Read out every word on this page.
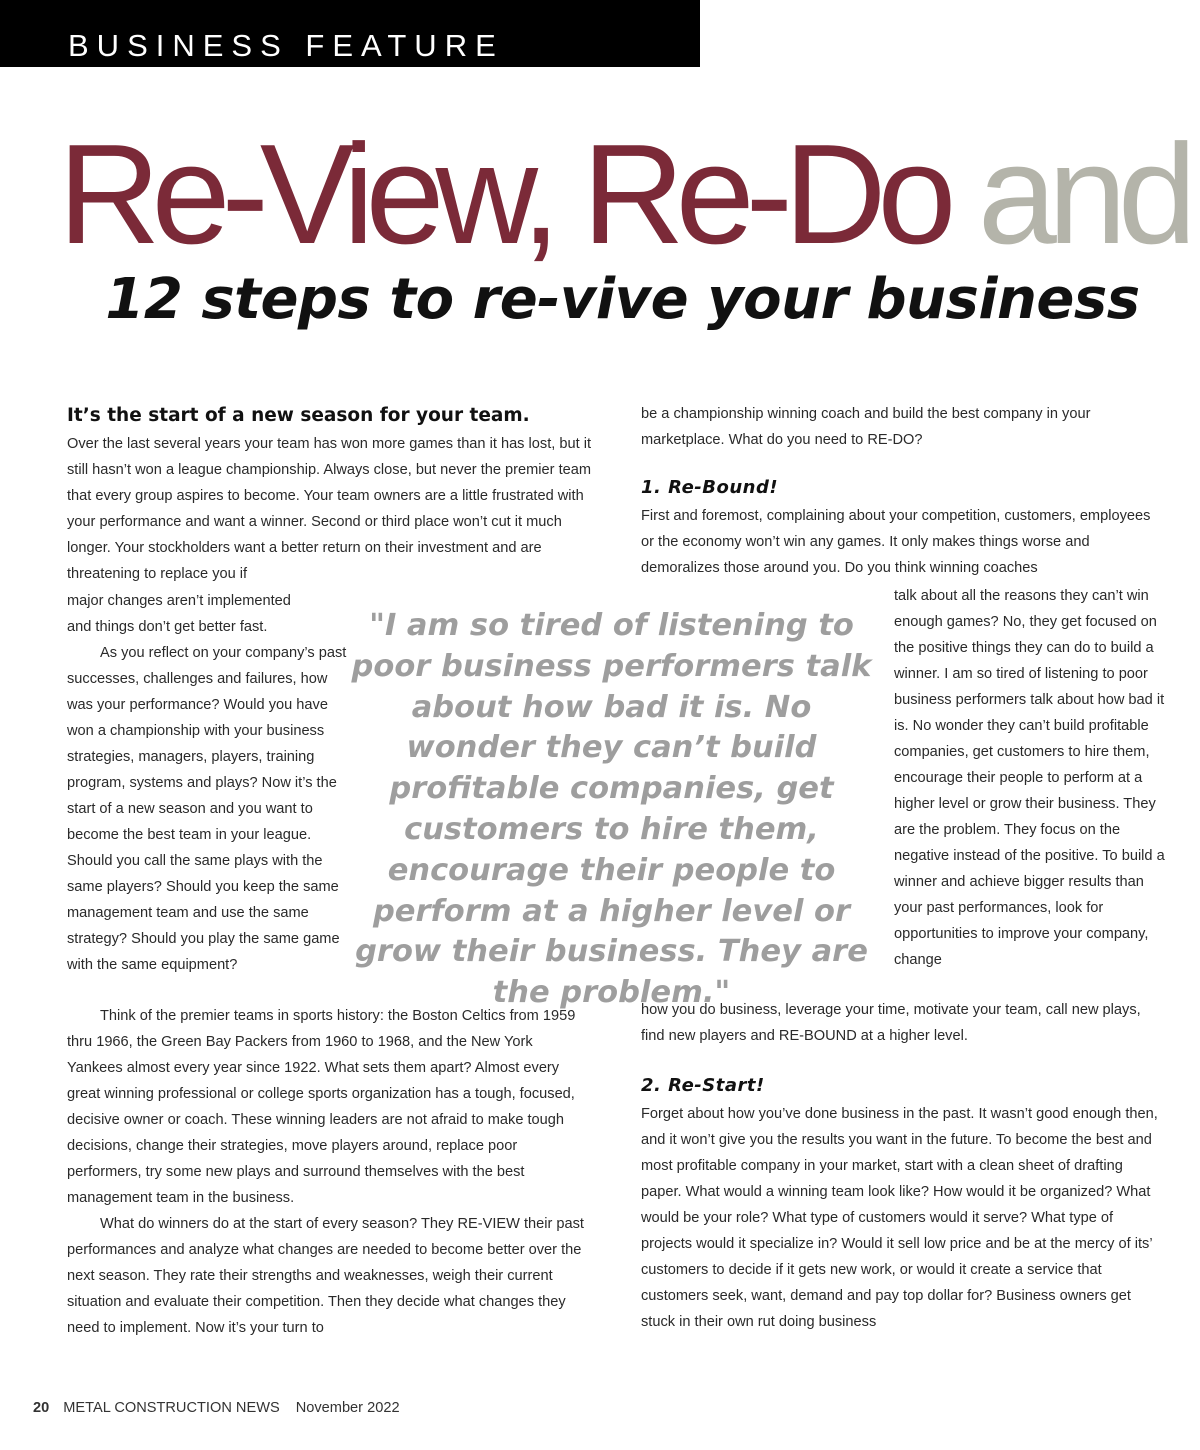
BUSINESS FEATURE
Re-View, Re-Do and
12 steps to re-vive your business

It’s the start of a new season for your team.

Over the last several years your team has won more games than it has lost, but it still hasn’t won a league championship. Always close, but never the premier team that every group aspires to become. Your team owners are a little frustrated with your performance and want a winner. Second or third place won’t cut it much longer. Your stockholders want a better return on their investment and are threatening to replace you if

major changes aren’t implemented and things don’t get better fast.

As you reflect on your company’s past successes, challenges and failures, how was your performance? Would you have won a championship with your business strategies, managers, players, training program, systems and plays? Now it’s the start of a new season and you want to become the best team in your league. Should you call the same plays with the same players? Should you keep the same management team and use the same strategy? Should you play the same game with the same equipment?

Think of the premier teams in sports history: the Boston Celtics from 1959 thru 1966, the Green Bay Packers from 1960 to 1968, and the New York Yankees almost every year since 1922. What sets them apart? Almost every great winning professional or college sports organization has a tough, focused, decisive owner or coach. These winning leaders are not afraid to make tough decisions, change their strategies, move players around, replace poor performers, try some new plays and surround themselves with the best management team in the business.

What do winners do at the start of every season? They RE-VIEW their past performances and analyze what changes are needed to become better over the next season. They rate their strengths and weaknesses, weigh their current situation and evaluate their competition. Then they decide what changes they need to implement. Now it’s your turn to

be a championship winning coach and build the best company in your marketplace. What do you need to RE-DO?

1. Re-Bound!

First and foremost, complaining about your competition, customers, employees or the economy won’t win any games. It only makes things worse and demoralizes those around you. Do you think winning coaches

talk about all the reasons they can’t win enough games? No, they get focused on the positive things they can do to build a winner. I am so tired of listening to poor business performers talk about how bad it is. No wonder they can’t build profitable companies, get customers to hire them, encourage their people to perform at a higher level or grow their business. They are the problem. They focus on the negative instead of the positive. To build a winner and achieve bigger results than your past performances, look for opportunities to improve your company, change

how you do business, leverage your time, motivate your team, call new plays, find new players and RE-BOUND at a higher level.

2. Re-Start!

Forget about how you’ve done business in the past. It wasn’t good enough then, and it won’t give you the results you want in the future. To become the best and most profitable company in your market, start with a clean sheet of drafting paper. What would a winning team look like? How would it be organized? What would be your role? What type of customers would it serve? What type of projects would it specialize in? Would it sell low price and be at the mercy of its’ customers to decide if it gets new work, or would it create a service that customers seek, want, demand and pay top dollar for? Business owners get stuck in their own rut doing business

"I am so tired of listening to poor business performers talk about how bad it is. No wonder they can’t build profitable companies, get customers to hire them, encourage their people to perform at a higher level or grow their business. They are the problem."
20 METAL CONSTRUCTION NEWS November 2022
